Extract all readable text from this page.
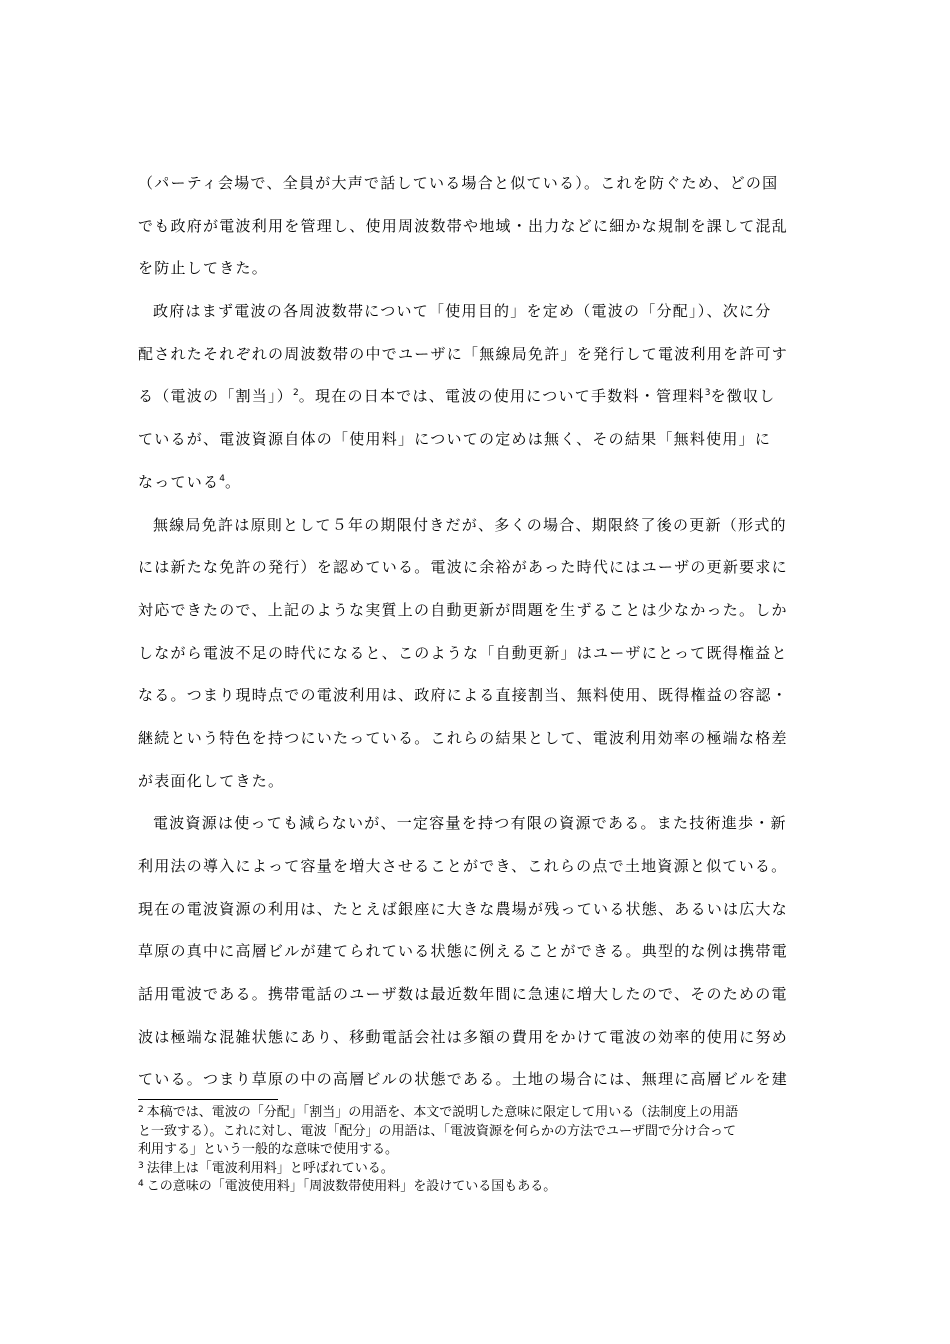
（パーティ会場で、全員が大声で話している場合と似ている）。これを防ぐため、どの国
でも政府が電波利用を管理し、使用周波数帯や地域・出力などに細かな規制を課して混乱
を防止してきた。
政府はまず電波の各周波数帯について「使用目的」を定め（電波の「分配」）、次に分
配されたそれぞれの周波数帯の中でユーザに「無線局免許」を発行して電波利用を許可す
る（電波の「割当」）$^2$。現在の日本では、電波の使用について手数料・管理料$^3$を徴収し
ているが、電波資源自体の「使用料」についての定めは無く、その結果「無料使用」に
なっている$^4$。
無線局免許は原則として５年の期限付きだが、多くの場合、期限終了後の更新（形式的
には新たな免許の発行）を認めている。電波に余裕があった時代にはユーザの更新要求に
対応できたので、上記のような実質上の自動更新が問題を生ずることは少なかった。しか
しながら電波不足の時代になると、このような「自動更新」はユーザにとって既得権益と
なる。つまり現時点での電波利用は、政府による直接割当、無料使用、既得権益の容認・
継続という特色を持つにいたっている。これらの結果として、電波利用効率の極端な格差
が表面化してきた。
電波資源は使っても減らないが、一定容量を持つ有限の資源である。また技術進歩・新
利用法の導入によって容量を増大させることができ、これらの点で土地資源と似ている。
現在の電波資源の利用は、たとえば銀座に大きな農場が残っている状態、あるいは広大な
草原の真中に高層ビルが建てられている状態に例えることができる。典型的な例は携帯電
話用電波である。携帯電話のユーザ数は最近数年間に急速に増大したので、そのための電
波は極端な混雑状態にあり、移動電話会社は多額の費用をかけて電波の効率的使用に努め
ている。つまり草原の中の高層ビルの状態である。土地の場合には、無理に高層ビルを建
$^2$ 本稿では、電波の「分配」「割当」の用語を、本文で説明した意味に限定して用いる（法制度上の用語
と一致する）。これに対し、電波「配分」の用語は、「電波資源を何らかの方法でユーザ間で分け合って
利用する」という一般的な意味で使用する。
$^3$ 法律上は「電波利用料」と呼ばれている。
$^4$ この意味の「電波使用料」「周波数帯使用料」を設けている国もある。
